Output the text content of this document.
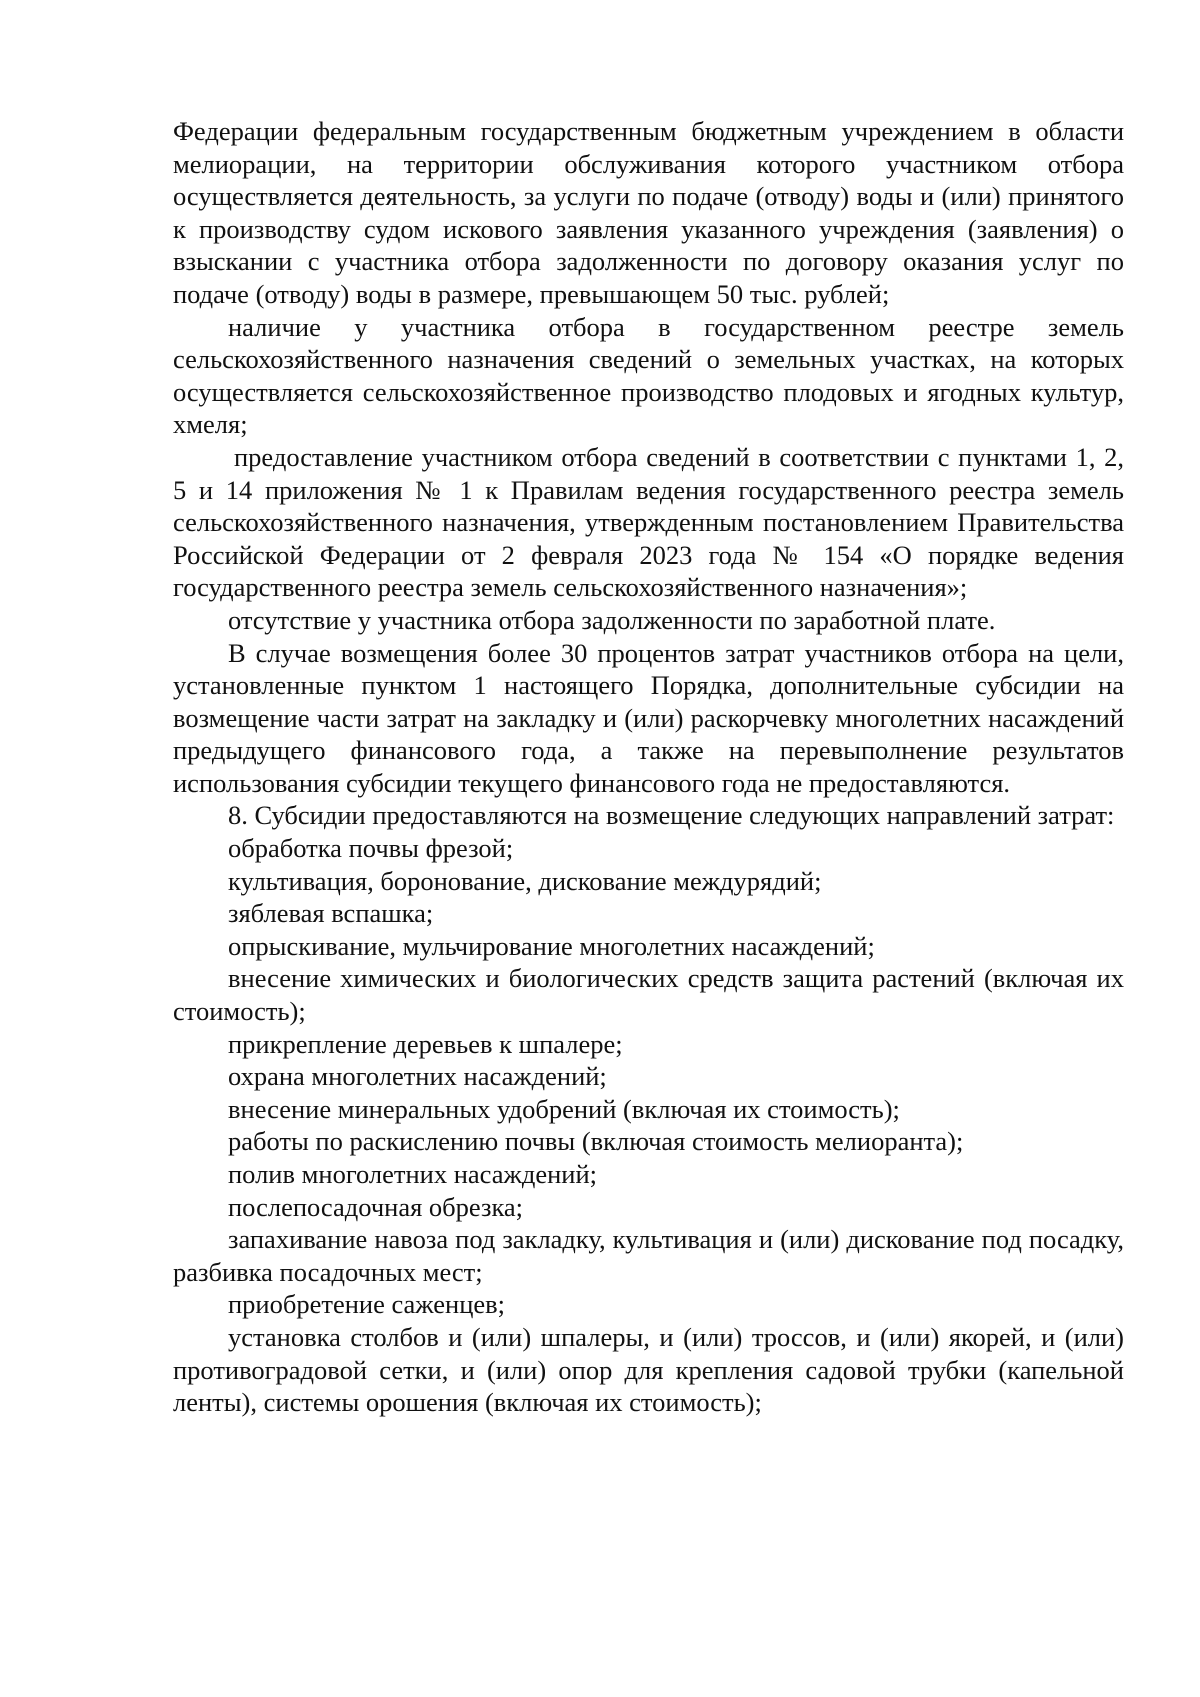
Федерации федеральным государственным бюджетным учреждением в области мелиорации, на территории обслуживания которого участником отбора осуществляется деятельность, за услуги по подаче (отводу) воды и (или) принятого к производству судом искового заявления указанного учреждения (заявления) о взыскании с участника отбора задолженности по договору оказания услуг по подаче (отводу) воды в размере, превышающем 50 тыс. рублей;

наличие у участника отбора в государственном реестре земель сельскохозяйственного назначения сведений о земельных участках, на которых осуществляется сельскохозяйственное производство плодовых и ягодных культур, хмеля;

предоставление участником отбора сведений в соответствии с пунктами 1, 2, 5 и 14 приложения № 1 к Правилам ведения государственного реестра земель сельскохозяйственного назначения, утвержденным постановлением Правительства Российской Федерации от 2 февраля 2023 года № 154 «О порядке ведения государственного реестра земель сельскохозяйственного назначения»;

отсутствие у участника отбора задолженности по заработной плате.

В случае возмещения более 30 процентов затрат участников отбора на цели, установленные пунктом 1 настоящего Порядка, дополнительные субсидии на возмещение части затрат на закладку и (или) раскорчевку многолетних насаждений предыдущего финансового года, а также на перевыполнение результатов использования субсидии текущего финансового года не предоставляются.

8. Субсидии предоставляются на возмещение следующих направлений затрат:

обработка почвы фрезой;

культивация, боронование, дискование междурядий;

зяблевая вспашка;

опрыскивание, мульчирование многолетних насаждений;

внесение химических и биологических средств защита растений (включая их стоимость);

прикрепление деревьев к шпалере;

охрана многолетних насаждений;

внесение минеральных удобрений (включая их стоимость);

работы по раскислению почвы (включая стоимость мелиоранта);

полив многолетних насаждений;

послепосадочная обрезка;

запахивание навоза под закладку, культивация и (или) дискование под посадку, разбивка посадочных мест;

приобретение саженцев;

установка столбов и (или) шпалеры, и (или) троссов, и (или) якорей, и (или) противоградовой сетки, и (или) опор для крепления садовой трубки (капельной ленты), системы орошения (включая их стоимость);
